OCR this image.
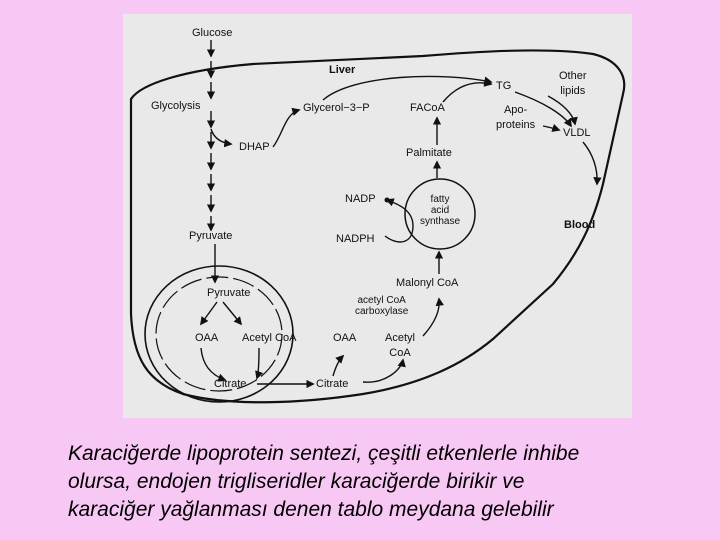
Glucose
Liver
Glycolysis
DHAP
Glycerol−3−P	FACoA
TG
Other
lipids
Apo-
proteins
VLDL
Palmitate
NADP
NADPH
fatty
acid
synthase	Blood
Pyruvate
Malonyl CoA
Pyruvate
acetyl CoA
carboxylase
OAA Acetyl CoA	OAA	Acetyl
CoA
Citrate	Citrate
Karaciğerde lipoprotein sentezi, çeşitli etkenlerle inhibe
olursa, endojen trigliseridler karaciğerde birikir ve
karaciğer yağlanması denen tablo meydana gelebilir
